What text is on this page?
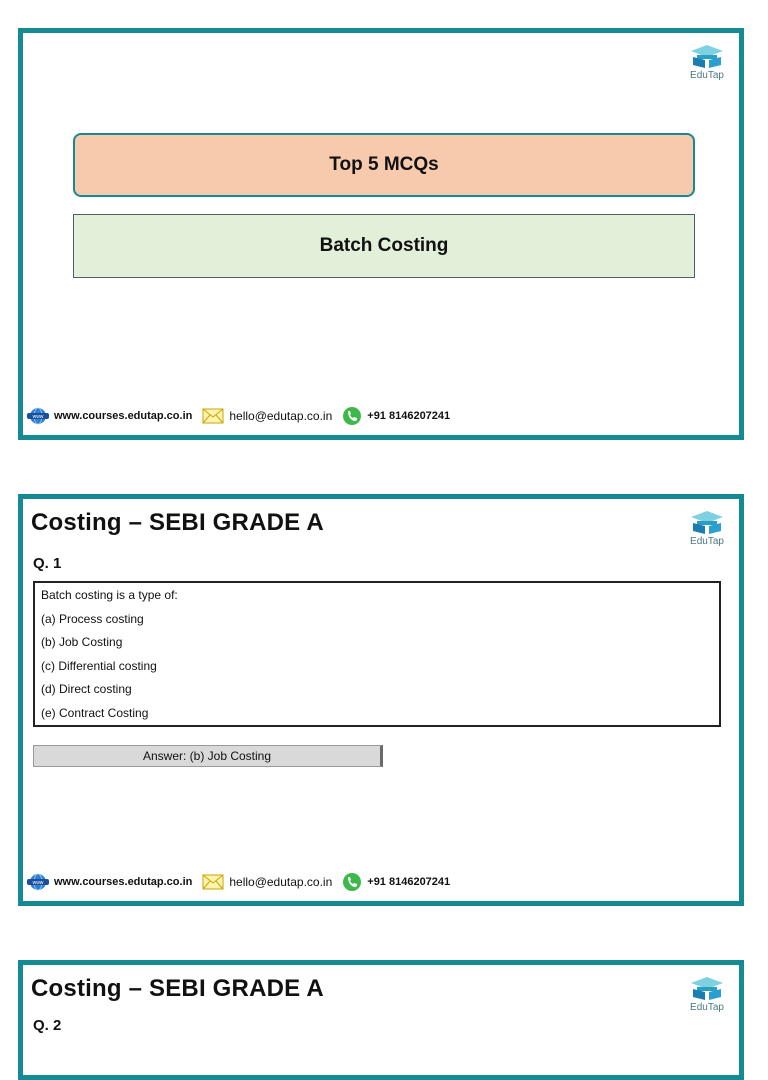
EduTap
Top 5 MCQs
Batch Costing
www www.courses.edutap.co.in	hello@edutap.co.in	+91 8146207241
Costing – SEBI GRADE A
EduTap
Q. 1
Batch costing is a type of:
(a) Process costing
(b) Job Costing
(c) Differential costing
(d) Direct costing
(e) Contract Costing
Answer: (b) Job Costing
www www.courses.edutap.co.in	hello@edutap.co.in	+91 8146207241
Costing – SEBI GRADE A
EduTap
Q. 2
